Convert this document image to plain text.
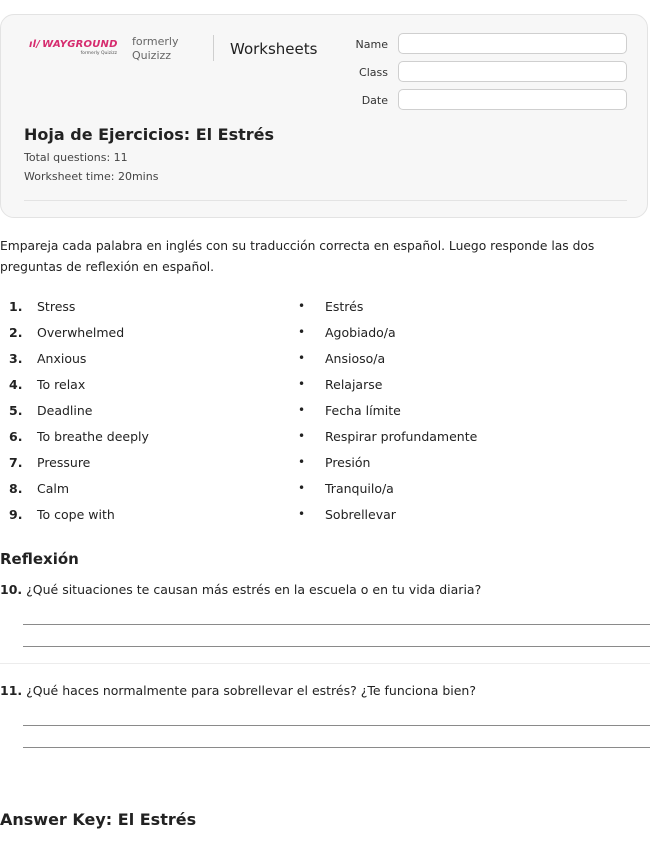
ıl/ WAYGROUND
formerly Quizizz
formerly
Quizizz	Worksheets	Name
Class
Date
Hoja de Ejercicios: El Estrés
Total questions: 11
Worksheet time: 20mins
Empareja cada palabra en inglés con su traducción correcta en español. Luego responde las dos preguntas de reflexión en español.
1. Stress	• Estrés
2. Overwhelmed	• Agobiado/a
3. Anxious	• Ansioso/a
4. To relax	• Relajarse
5. Deadline	• Fecha límite
6. To breathe deeply	• Respirar profundamente
7. Pressure	• Presión
8. Calm	• Tranquilo/a
9. To cope with	• Sobrellevar
Reflexión
10. ¿Qué situaciones te causan más estrés en la escuela o en tu vida diaria?
11. ¿Qué haces normalmente para sobrellevar el estrés? ¿Te funciona bien?
Answer Key: El Estrés
